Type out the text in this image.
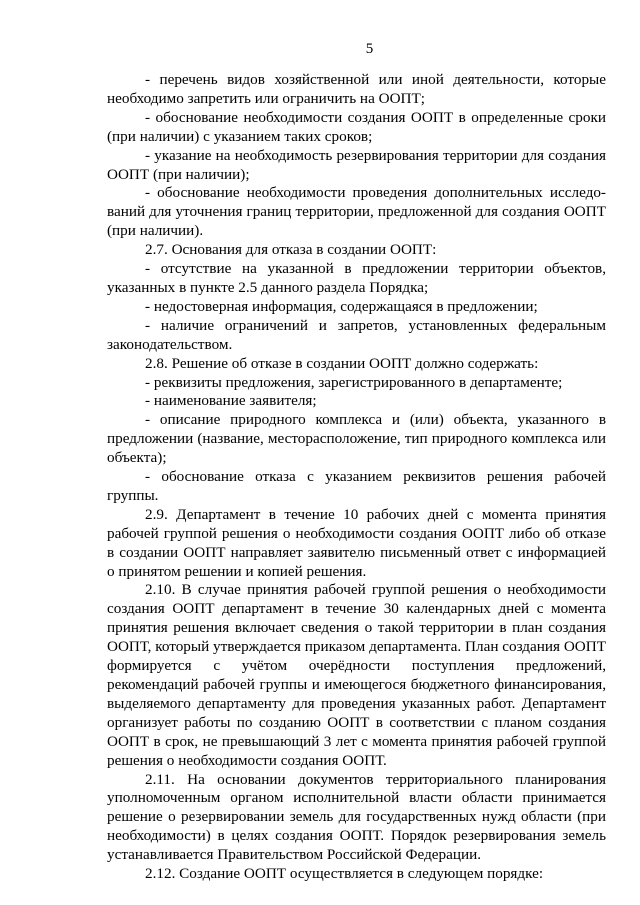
5

- перечень видов хозяйственной или иной деятельности, которые необходимо запретить или ограничить на ООПТ;

- обоснование необходимости создания ООПТ в определенные сроки (при наличии) с указанием таких сроков;

- указание на необходимость резервирования территории для создания ООПТ (при наличии);

- обоснование необходимости проведения дополнительных исследо-ваний для уточнения границ территории, предложенной для создания ООПТ (при наличии).

2.7. Основания для отказа в создании ООПТ:

- отсутствие на указанной в предложении территории объектов, указанных в пункте 2.5 данного раздела Порядка;

- недостоверная информация, содержащаяся в предложении;

- наличие ограничений и запретов, установленных федеральным законодательством.

2.8. Решение об отказе в создании ООПТ должно содержать:

- реквизиты предложения, зарегистрированного в департаменте;

- наименование заявителя;

- описание природного комплекса и (или) объекта, указанного в предложении (название, месторасположение, тип природного комплекса или объекта);

- обоснование отказа с указанием реквизитов решения рабочей группы.

2.9. Департамент в течение 10 рабочих дней с момента принятия рабочей группой решения о необходимости создания ООПТ либо об отказе в создании ООПТ направляет заявителю письменный ответ с информацией о принятом решении и копией решения.

2.10. В случае принятия рабочей группой решения о необходимости создания ООПТ департамент в течение 30 календарных дней с момента принятия решения включает сведения о такой территории в план создания ООПТ, который утверждается приказом департамента. План создания ООПТ формируется с учётом очерёдности поступления предложений, рекомендаций рабочей группы и имеющегося бюджетного финансирования, выделяемого департаменту для проведения указанных работ. Департамент организует работы по созданию ООПТ в соответствии с планом создания ООПТ в срок, не превышающий 3 лет с момента принятия рабочей группой решения о необходимости создания ООПТ.

2.11. На основании документов территориального планирования уполномоченным органом исполнительной власти области принимается решение о резервировании земель для государственных нужд области (при необходимости) в целях создания ООПТ. Порядок резервирования земель устанавливается Правительством Российской Федерации.

2.12. Создание ООПТ осуществляется в следующем порядке:
